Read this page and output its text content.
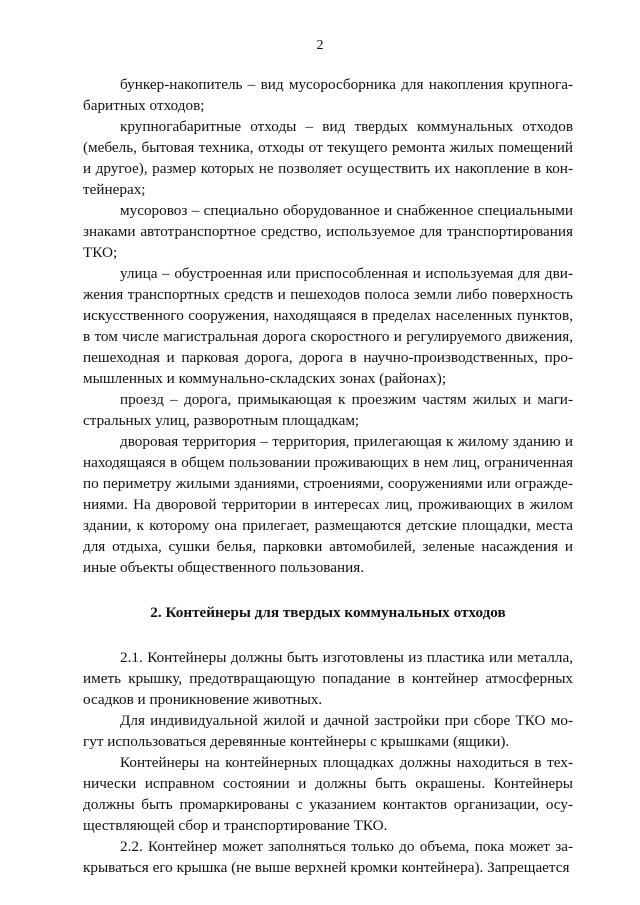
2

бункер-накопитель – вид мусоросборника для накопления крупногабаритных отходов;

крупногабаритные отходы – вид твердых коммунальных отходов (мебель, бытовая техника, отходы от текущего ремонта жилых помещений и другое), размер которых не позволяет осуществить их накопление в контейнерах;

мусоровоз – специально оборудованное и снабженное специальными знаками автотранспортное средство, используемое для транспортирования ТКО;

улица – обустроенная или приспособленная и используемая для движения транспортных средств и пешеходов полоса земли либо поверхность искусственного сооружения, находящаяся в пределах населенных пунктов, в том числе магистральная дорога скоростного и регулируемого движения, пешеходная и парковая дорога, дорога в научно-производственных, промышленных и коммунально-складских зонах (районах);

проезд – дорога, примыкающая к проезжим частям жилых и магистральных улиц, разворотным площадкам;

дворовая территория – территория, прилегающая к жилому зданию и находящаяся в общем пользовании проживающих в нем лиц, ограниченная по периметру жилыми зданиями, строениями, сооружениями или ограждениями. На дворовой территории в интересах лиц, проживающих в жилом здании, к которому она прилегает, размещаются детские площадки, места для отдыха, сушки белья, парковки автомобилей, зеленые насаждения и иные объекты общественного пользования.

2. Контейнеры для твердых коммунальных отходов

2.1. Контейнеры должны быть изготовлены из пластика или металла, иметь крышку, предотвращающую попадание в контейнер атмосферных осадков и проникновение животных.

Для индивидуальной жилой и дачной застройки при сборе ТКО могут использоваться деревянные контейнеры с крышками (ящики).

Контейнеры на контейнерных площадках должны находиться в технически исправном состоянии и должны быть окрашены. Контейнеры должны быть промаркированы с указанием контактов организации, осуществляющей сбор и транспортирование ТКО.

2.2. Контейнер может заполняться только до объема, пока может закрываться его крышка (не выше верхней кромки контейнера). Запрещается
